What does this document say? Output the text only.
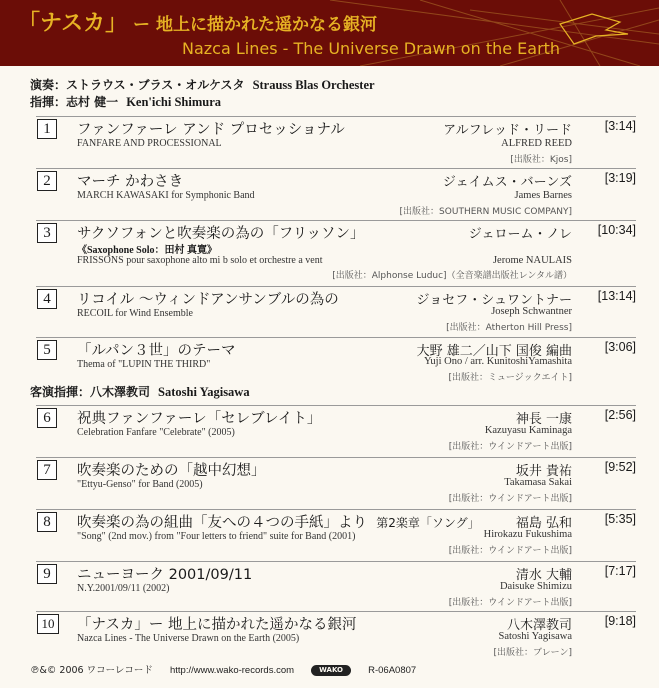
「ナスカ」 ー 地上に描かれた遥かなる銀河
Nazca Lines - The Universe Drawn on the Earth
演奏：ストラウス・ブラス・オルケスタ Strauss Blas Orchester
指揮：志村 健一 Ken'ichi Shimura
1	ファンファーレ アンド プロセッショナル
FANFARE AND PROCESSIONAL
アルフレッド・リード
ALFRED REED
[出版社：Kjos]
[3:14]
2	マーチ かわさき
MARCH KAWASAKI for Symphonic Band
ジェイムス・バーンズ
James Barnes
[出版社：SOUTHERN MUSIC COMPANY]
[3:19]
3	サクソフォンと吹奏楽の為の「フリッソン」
《Saxophone Solo：田村 真寛》
FRISSONS pour saxophone alto mi b solo et orchestre a vent
ジェローム・ノレ
Jerome NAULAIS
[出版社：Alphonse Luduc]（全音楽譜出版社レンタル譜）
[10:34]
4	リコイル ～ウィンドアンサンブルの為の
RECOIL for Wind Ensemble
ジョセフ・シュワントナー
Joseph Schwantner
[出版社：Atherton Hill Press]
[13:14]
5	「ルパン３世」のテーマ
Thema of "LUPIN THE THIRD"
大野 雄二／山下 国俊 編曲
Yuji Ono / arr. KunitoshiYamashita
[出版社：ミュージックエイト]
[3:06]
客演指揮：八木澤教司 Satoshi Yagisawa
6	祝典ファンファーレ「セレブレイト」
Celebration Fanfare "Celebrate" (2005)
神長 一康
Kazuyasu Kaminaga
[出版社：ウインドアート出版]
[2:56]
7	吹奏楽のための「越中幻想」
"Ettyu-Genso" for Band (2005)
坂井 貴祐
Takamasa Sakai
[出版社：ウインドアート出版]
[9:52]
8	吹奏楽の為の組曲「友への４つの手紙」より 第2楽章「ソング」
"Song" (2nd mov.) from "Four letters to friend" suite for Band (2001)
福島 弘和
Hirokazu Fukushima
[出版社：ウインドアート出版]
[5:35]
9	ニューヨーク 2001/09/11
N.Y.2001/09/11 (2002)
清水 大輔
Daisuke Shimizu
[出版社：ウインドアート出版]
[7:17]
10	「ナスカ」ー 地上に描かれた遥かなる銀河
Nazca Lines - The Universe Drawn on the Earth (2005)
八木澤教司
Satoshi Yagisawa
[出版社：ブレーン]
[9:18]
℗&© 2006 ワコーレコード http://www.wako-records.com	WAKO	R-06A0807
